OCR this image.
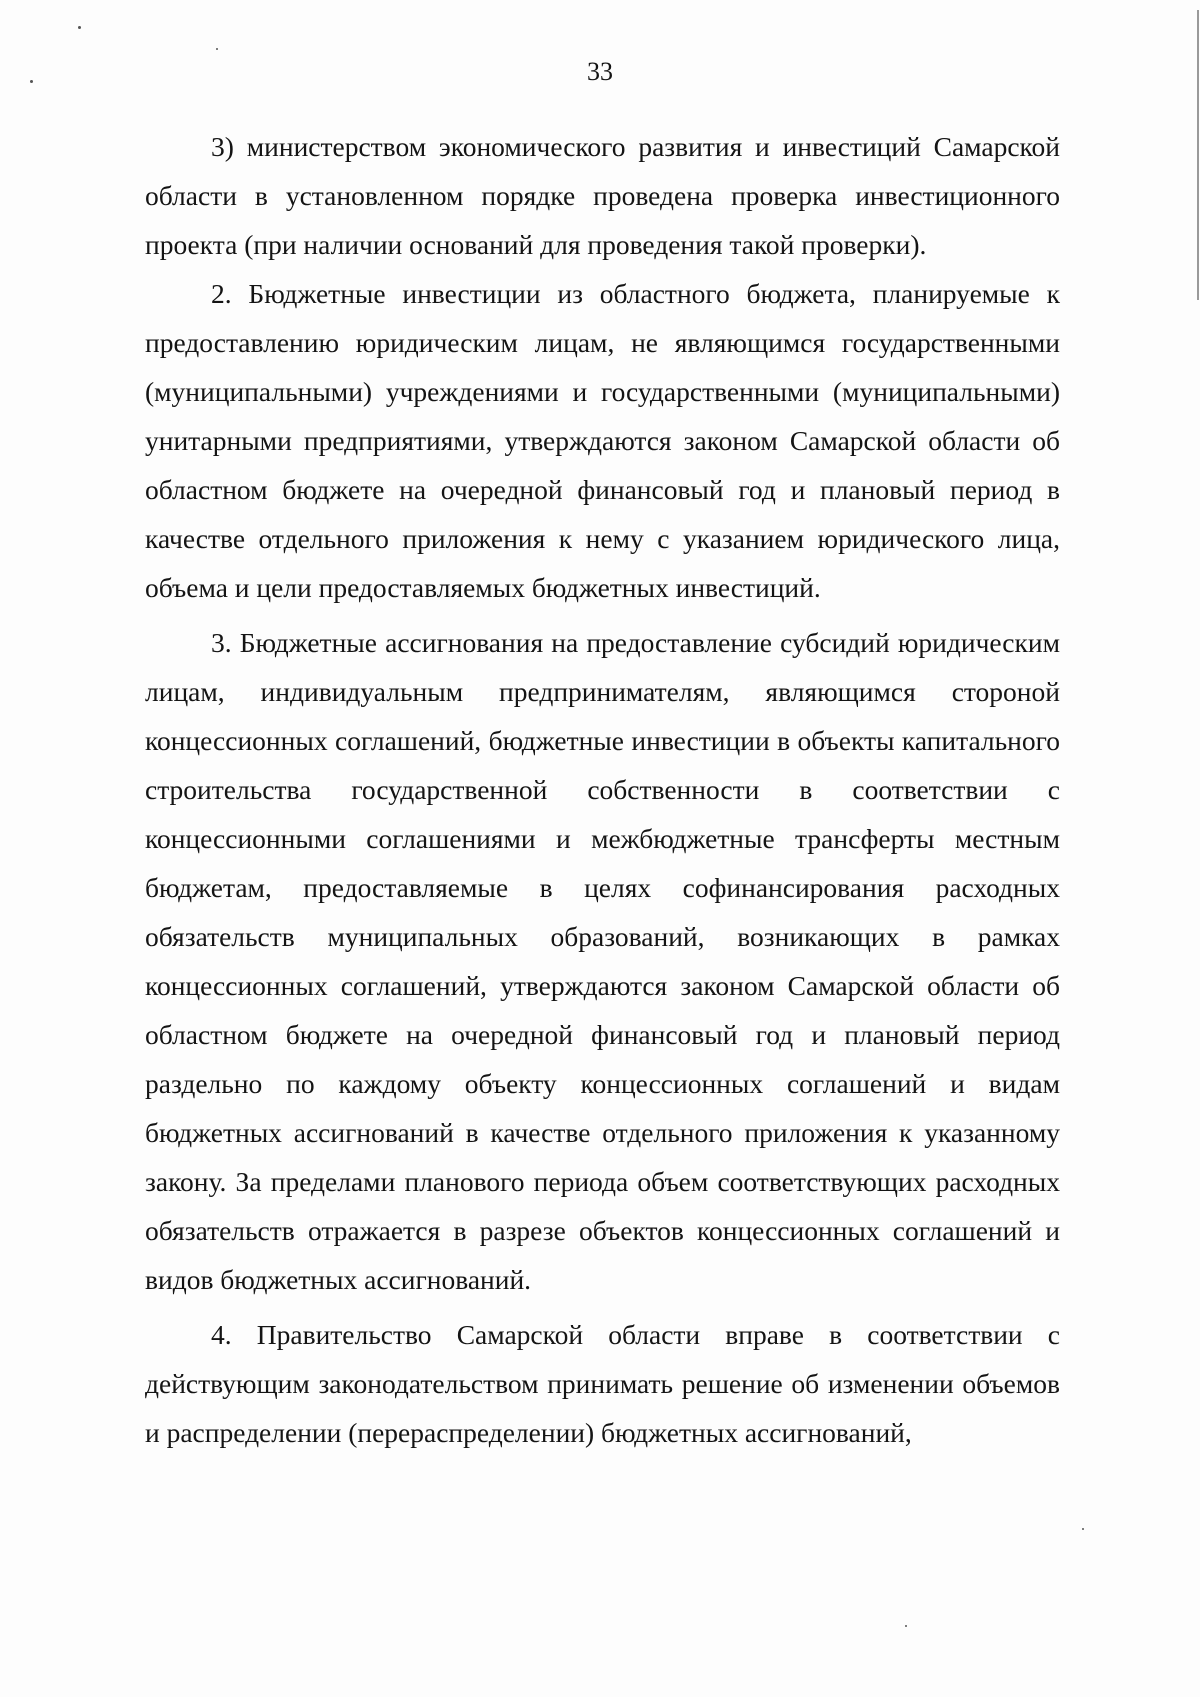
33

3) министерством экономического развития и инвестиций Самарской области в установленном порядке проведена проверка инвестиционного проекта (при наличии оснований для проведения такой проверки).

2. Бюджетные инвестиции из областного бюджета, планируемые к предоставлению юридическим лицам, не являющимся государственными (муниципальными) учреждениями и государственными (муниципальными) унитарными предприятиями, утверждаются законом Самарской области об областном бюджете на очередной финансовый год и плановый период в качестве отдельного приложения к нему с указанием юридического лица, объема и цели предоставляемых бюджетных инвестиций.

3. Бюджетные ассигнования на предоставление субсидий юридическим лицам, индивидуальным предпринимателям, являющимся стороной концессионных соглашений, бюджетные инвестиции в объекты капитального строительства государственной собственности в соответствии с концессионными соглашениями и межбюджетные трансферты местным бюджетам, предоставляемые в целях софинансирования расходных обязательств муниципальных образований, возникающих в рамках концессионных соглашений, утверждаются законом Самарской области об областном бюджете на очередной финансовый год и плановый период раздельно по каждому объекту концессионных соглашений и видам бюджетных ассигнований в качестве отдельного приложения к указанному закону. За пределами планового периода объем соответствующих расходных обязательств отражается в разрезе объектов концессионных соглашений и видов бюджетных ассигнований.

4. Правительство Самарской области вправе в соответствии с действующим законодательством принимать решение об изменении объемов и распределении (перераспределении) бюджетных ассигнований,
